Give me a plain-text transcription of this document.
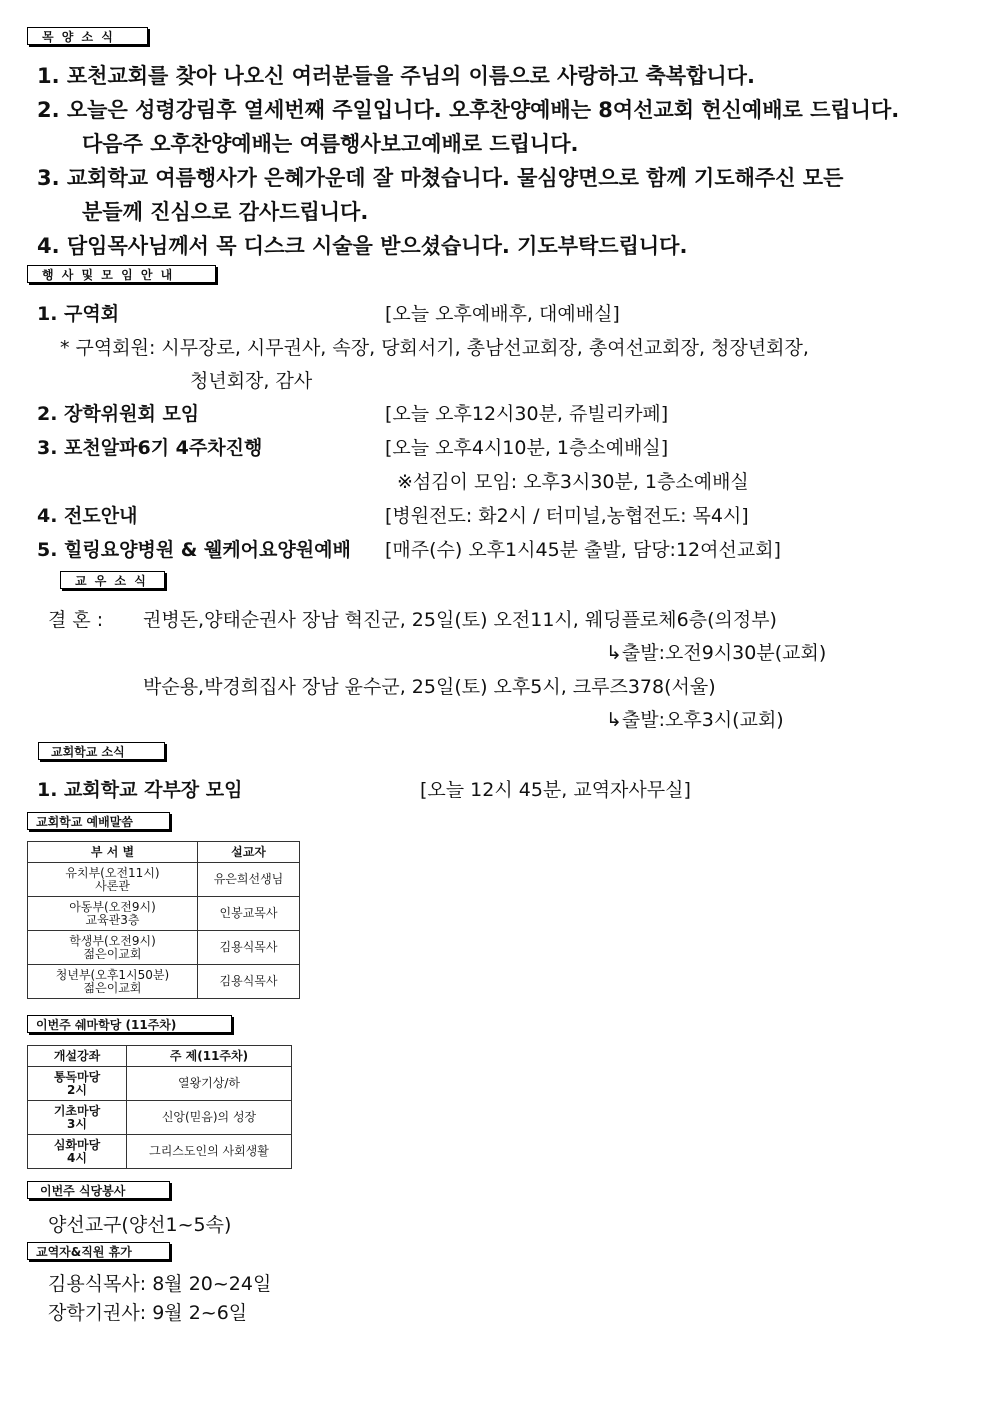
목 양 소 식
1. 포천교회를 찾아 나오신 여러분들을 주님의 이름으로 사랑하고 축복합니다.
2. 오늘은 성령강림후 열세번째 주일입니다. 오후찬양예배는 8여선교회 헌신예배로 드립니다.
다음주 오후찬양예배는 여름행사보고예배로 드립니다.
3. 교회학교 여름행사가 은혜가운데 잘 마쳤습니다. 물심양면으로 함께 기도해주신 모든
분들께 진심으로 감사드립니다.
4. 담임목사님께서 목 디스크 시술을 받으셨습니다. 기도부탁드립니다.
행 사 및 모 임 안 내
1. 구역회	[오늘 오후예배후, 대예배실]
* 구역회원: 시무장로, 시무권사, 속장, 당회서기, 총남선교회장, 총여선교회장, 청장년회장,
청년회장, 감사
2. 장학위원회 모임	[오늘 오후12시30분, 쥬빌리카페]
3. 포천알파6기 4주차진행	[오늘 오후4시10분, 1층소예배실]
※섬김이 모임: 오후3시30분, 1층소예배실
4. 전도안내	[병원전도: 화2시 / 터미널,농협전도: 목4시]
5. 힐링요양병원 & 웰케어요양원예배 [매주(수) 오후1시45분 출발, 담당:12여선교회]
교 우 소 식
결 혼 : 권병돈,양태순권사 장남 혁진군, 25일(토) 오전11시, 웨딩플로체6층(의정부)
↳출발:오전9시30분(교회)
박순용,박경희집사 장남 윤수군, 25일(토) 오후5시, 크루즈378(서울)
↳출발:오후3시(교회)
교회학교 소식
1. 교회학교 각부장 모임	[오늘 12시 45분, 교역자사무실]
교회학교 예배말씀
부 서 별	설교자
유치부(오전11시)
사론관	유은희선생님
아동부(오전9시)
교육관3층	인봉교목사
학생부(오전9시)
젊은이교회	김용식목사
청년부(오후1시50분)
젊은이교회	김용식목사
이번주 쉐마학당 (11주차)
개설강좌	주 제(11주차)
통독마당
2시	열왕기상/하
기초마당
3시	신앙(믿음)의 성장
심화마당
4시	그리스도인의 사회생활
이번주 식당봉사
양선교구(양선1~5속)
교역자&직원 휴가
김용식목사: 8월 20~24일
장학기권사: 9월 2~6일
